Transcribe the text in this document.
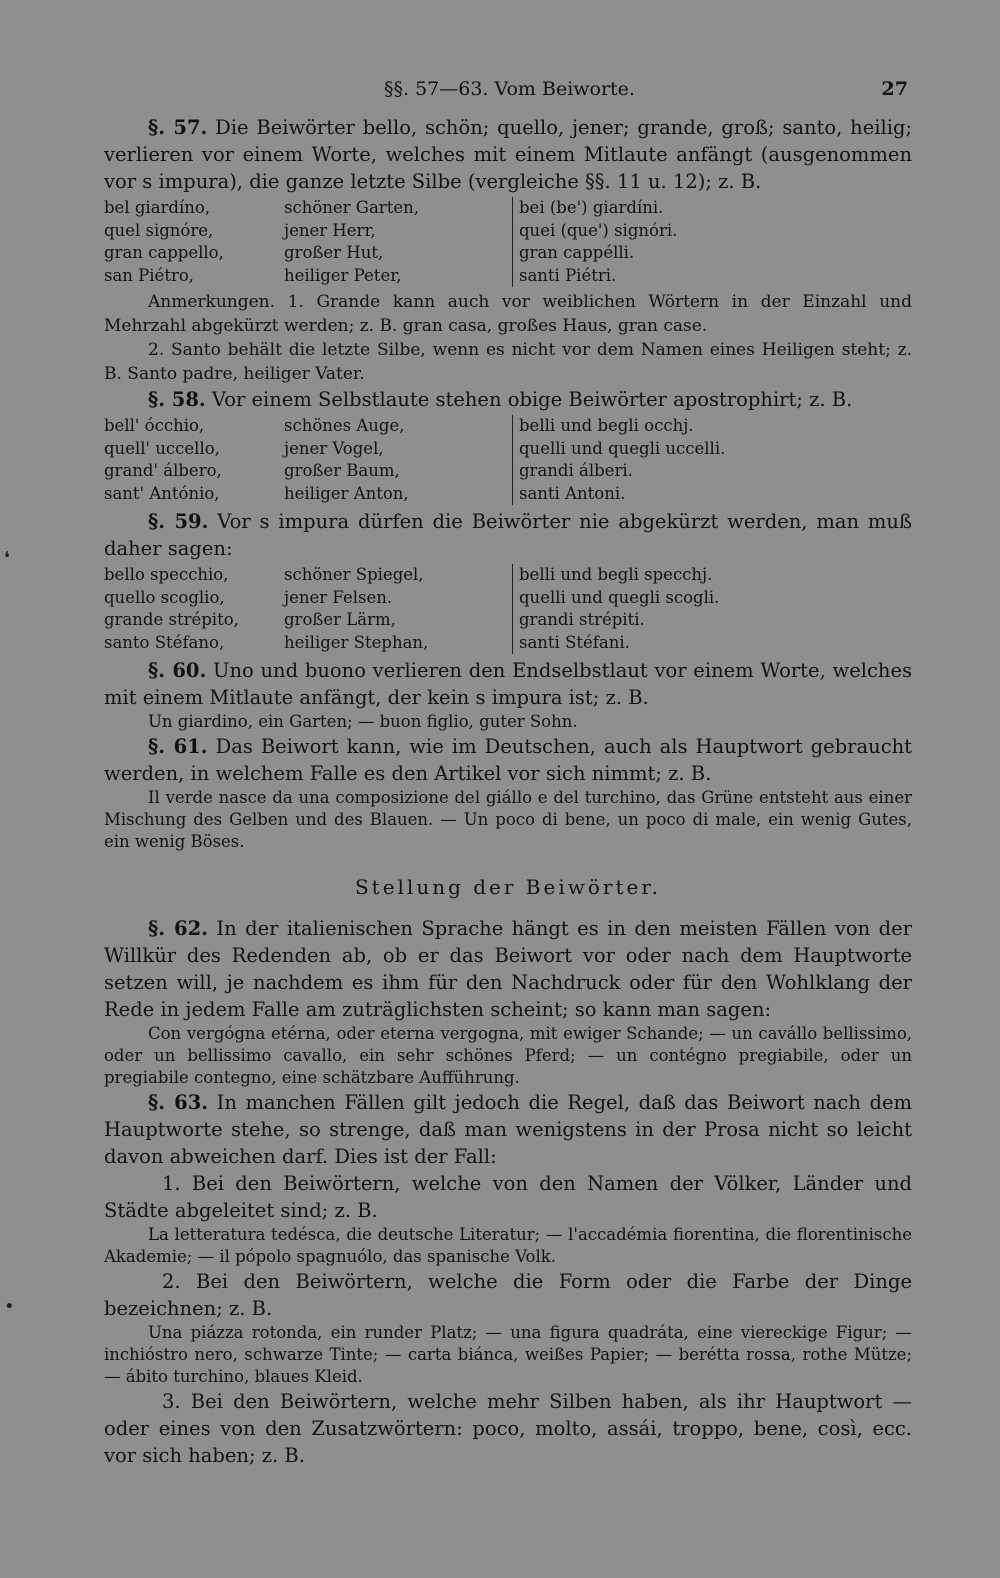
§§. 57—63. Vom Beiworte.	27

§. 57. Die Beiwörter bello, schön; quello, jener; grande, groß; santo, heilig; verlieren vor einem Worte, welches mit einem Mitlaute anfängt (ausgenommen vor s impura), die ganze letzte Silbe (vergleiche §§. 11 u. 12); z. B.

bel giardíno,	schöner Garten,	bei (be') giardíni.
quel signóre,	jener Herr,	quei (que') signóri.
gran cappello,	großer Hut,	gran cappélli.
san Piétro,	heiliger Peter,	santi Piétri.

Anmerkungen. 1. Grande kann auch vor weiblichen Wörtern in der Einzahl und Mehrzahl abgekürzt werden; z. B. gran casa, großes Haus, gran case.

2. Santo behält die letzte Silbe, wenn es nicht vor dem Namen eines Heiligen steht; z. B. Santo padre, heiliger Vater.

§. 58. Vor einem Selbstlaute stehen obige Beiwörter apostrophirt; z. B.

bell' ócchio,	schönes Auge,	belli und begli occhj.
quell' uccello,	jener Vogel,	quelli und quegli uccelli.
grand' álbero,	großer Baum,	grandi álberi.
sant' António,	heiliger Anton,	santi Antoni.

§. 59. Vor s impura dürfen die Beiwörter nie abgekürzt werden, man muß daher sagen:

bello specchio,	schöner Spiegel,	belli und begli specchj.
quello scoglio,	jener Felsen.	quelli und quegli scogli.
grande strépito,	großer Lärm,	grandi strépiti.
santo Stéfano,	heiliger Stephan,	santi Stéfani.

§. 60. Uno und buono verlieren den Endselbstlaut vor einem Worte, welches mit einem Mitlaute anfängt, der kein s impura ist; z. B.

Un giardino, ein Garten; — buon figlio, guter Sohn.

§. 61. Das Beiwort kann, wie im Deutschen, auch als Hauptwort gebraucht werden, in welchem Falle es den Artikel vor sich nimmt; z. B.

Il verde nasce da una composizione del giállo e del turchino, das Grüne entsteht aus einer Mischung des Gelben und des Blauen. — Un poco di bene, un poco di male, ein wenig Gutes, ein wenig Böses.

Stellung der Beiwörter.

§. 62. In der italienischen Sprache hängt es in den meisten Fällen von der Willkür des Redenden ab, ob er das Beiwort vor oder nach dem Hauptworte setzen will, je nachdem es ihm für den Nachdruck oder für den Wohlklang der Rede in jedem Falle am zuträglichsten scheint; so kann man sagen:

Con vergógna etérna, oder eterna vergogna, mit ewiger Schande; — un cavállo bellissimo, oder un bellissimo cavallo, ein sehr schönes Pferd; — un contégno pregiabile, oder un pregiabile contegno, eine schätzbare Aufführung.

§. 63. In manchen Fällen gilt jedoch die Regel, daß das Beiwort nach dem Hauptworte stehe, so strenge, daß man wenigstens in der Prosa nicht so leicht davon abweichen darf. Dies ist der Fall:

1. Bei den Beiwörtern, welche von den Namen der Völker, Länder und Städte abgeleitet sind; z. B.

La letteratura tedésca, die deutsche Literatur; — l'accadémia fiorentina, die florentinische Akademie; — il pópolo spagnuólo, das spanische Volk.

2. Bei den Beiwörtern, welche die Form oder die Farbe der Dinge bezeichnen; z. B.

Una piázza rotonda, ein runder Platz; — una figura quadráta, eine viereckige Figur; — inchióstro nero, schwarze Tinte; — carta biánca, weißes Papier; — berétta rossa, rothe Mütze; — ábito turchino, blaues Kleid.

3. Bei den Beiwörtern, welche mehr Silben haben, als ihr Hauptwort — oder eines von den Zusatzwörtern: poco, molto, assái, troppo, bene, così, ecc. vor sich haben; z. B.

❛
•
